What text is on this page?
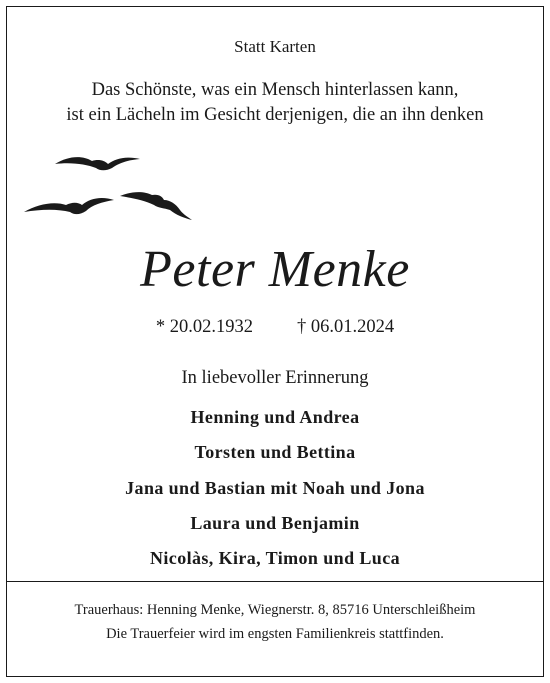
Statt Karten
Das Schönste, was ein Mensch hinterlassen kann,
ist ein Lächeln im Gesicht derjenigen, die an ihn denken
Peter Menke
* 20.02.1932 † 06.01.2024
In liebevoller Erinnerung
Henning und Andrea
Torsten und Bettina
Jana und Bastian mit Noah und Jona
Laura und Benjamin
Nicolàs, Kira, Timon und Luca
Trauerhaus: Henning Menke, Wiegnerstr. 8, 85716 Unterschleißheim
Die Trauerfeier wird im engsten Familienkreis stattfinden.
